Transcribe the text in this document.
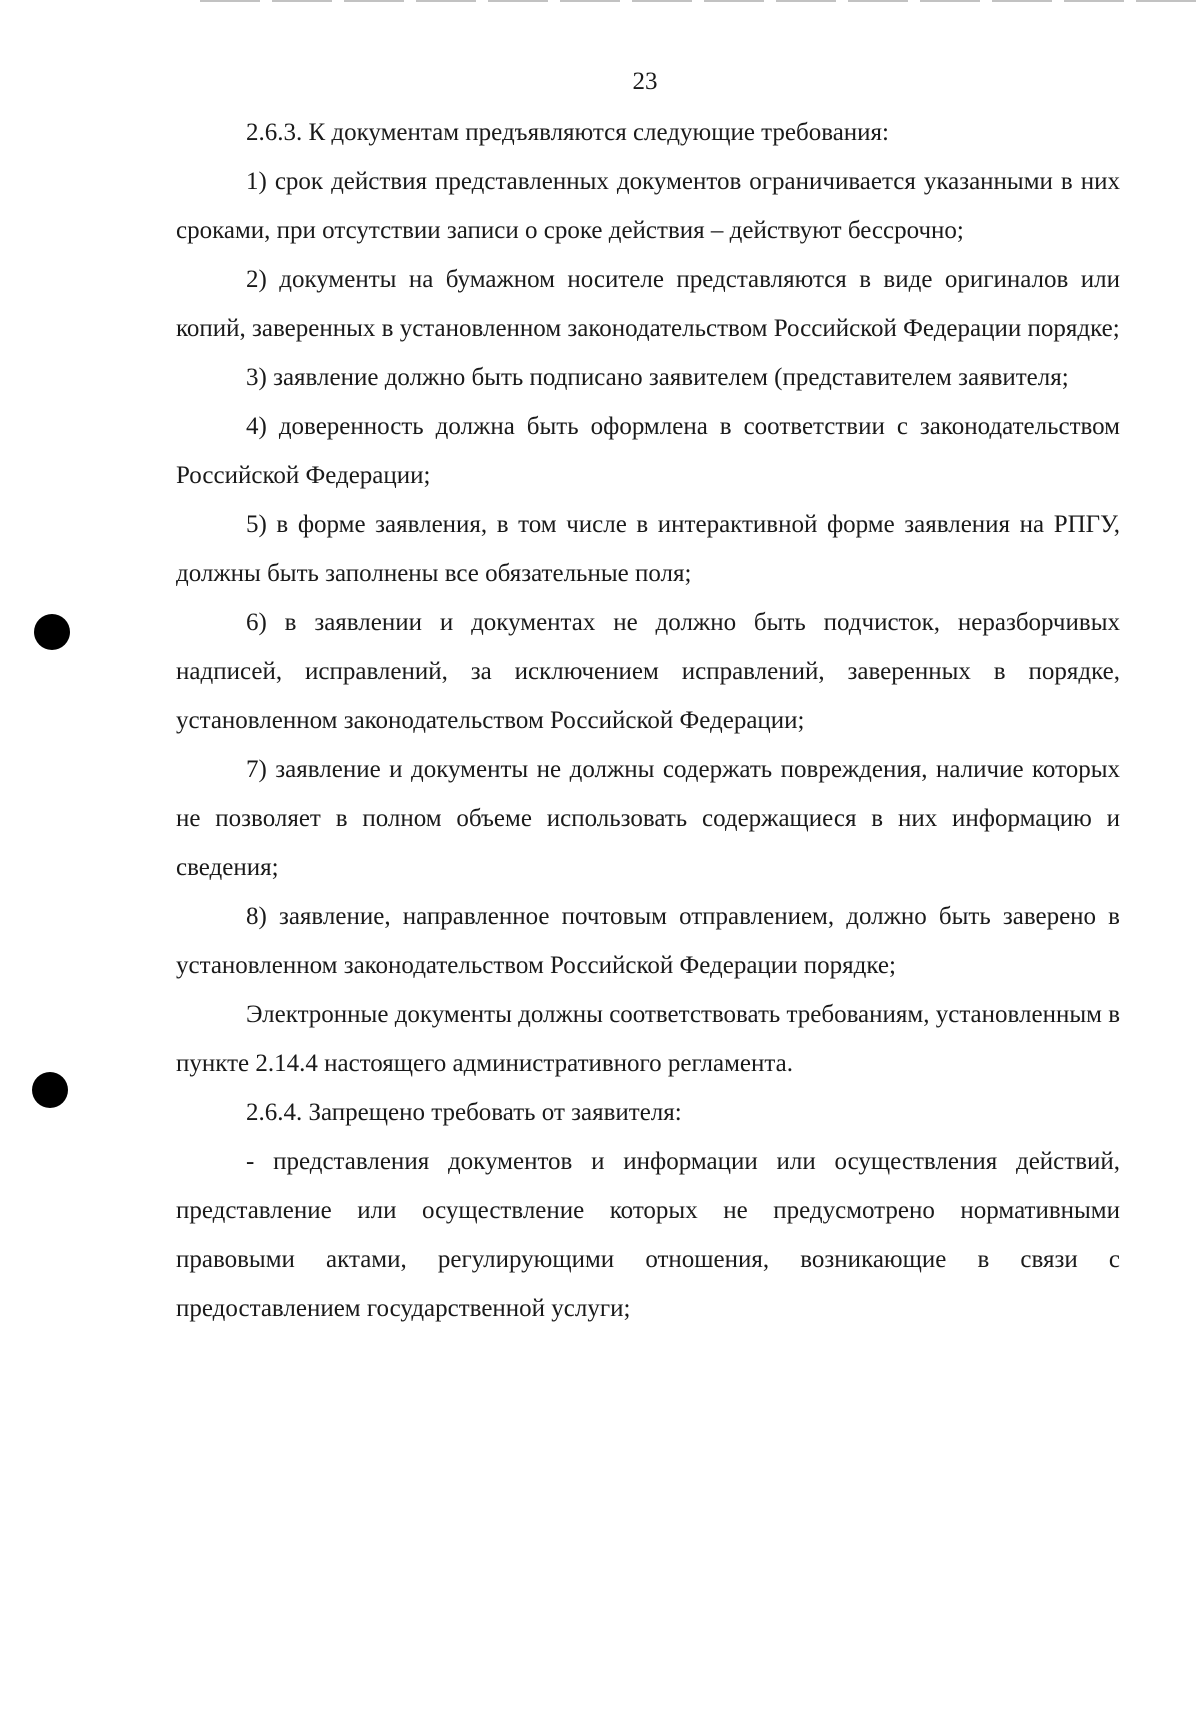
23

2.6.3. К документам предъявляются следующие требования:

1) срок действия представленных документов ограничивается указанными в них сроками, при отсутствии записи о сроке действия – действуют бессрочно;

2) документы на бумажном носителе представляются в виде оригиналов или копий, заверенных в установленном законодательством Российской Федерации порядке;

3) заявление должно быть подписано заявителем (представителем заявителя;

4) доверенность должна быть оформлена в соответствии с законодательством Российской Федерации;

5) в форме заявления, в том числе в интерактивной форме заявления на РПГУ, должны быть заполнены все обязательные поля;

6) в заявлении и документах не должно быть подчисток, неразборчивых надписей, исправлений, за исключением исправлений, заверенных в порядке, установленном законодательством Российской Федерации;

7) заявление и документы не должны содержать повреждения, наличие которых не позволяет в полном объеме использовать содержащиеся в них информацию и сведения;

8) заявление, направленное почтовым отправлением, должно быть заверено в установленном законодательством Российской Федерации порядке;

Электронные документы должны соответствовать требованиям, установленным в пункте 2.14.4 настоящего административного регламента.

2.6.4. Запрещено требовать от заявителя:

- представления документов и информации или осуществления действий, представление или осуществление которых не предусмотрено нормативными правовыми актами, регулирующими отношения, возникающие в связи с предоставлением государственной услуги;
